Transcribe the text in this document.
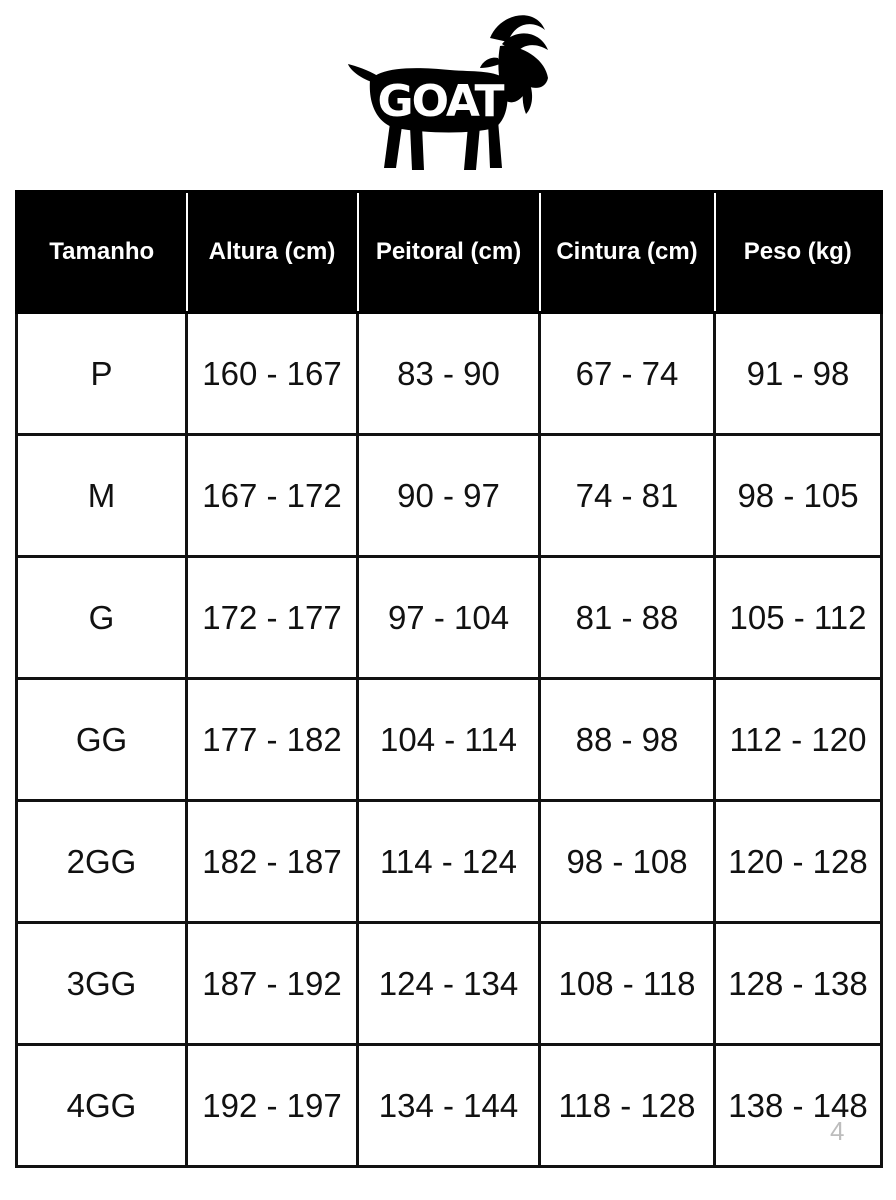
GOAT
Tamanho	Altura (cm)	Peitoral (cm)	Cintura (cm)	Peso (kg)
P	160 - 167	83 - 90	67 - 74	91 - 98
M	167 - 172	90 - 97	74 - 81	98 - 105
G	172 - 177	97 - 104	81 - 88	105 - 112
GG	177 - 182	104 - 114	88 - 98	112 - 120
2GG	182 - 187	114 - 124	98 - 108	120 - 128
3GG	187 - 192	124 - 134	108 - 118	128 - 138
4GG	192 - 197	134 - 144	118 - 128	138 - 148
4
